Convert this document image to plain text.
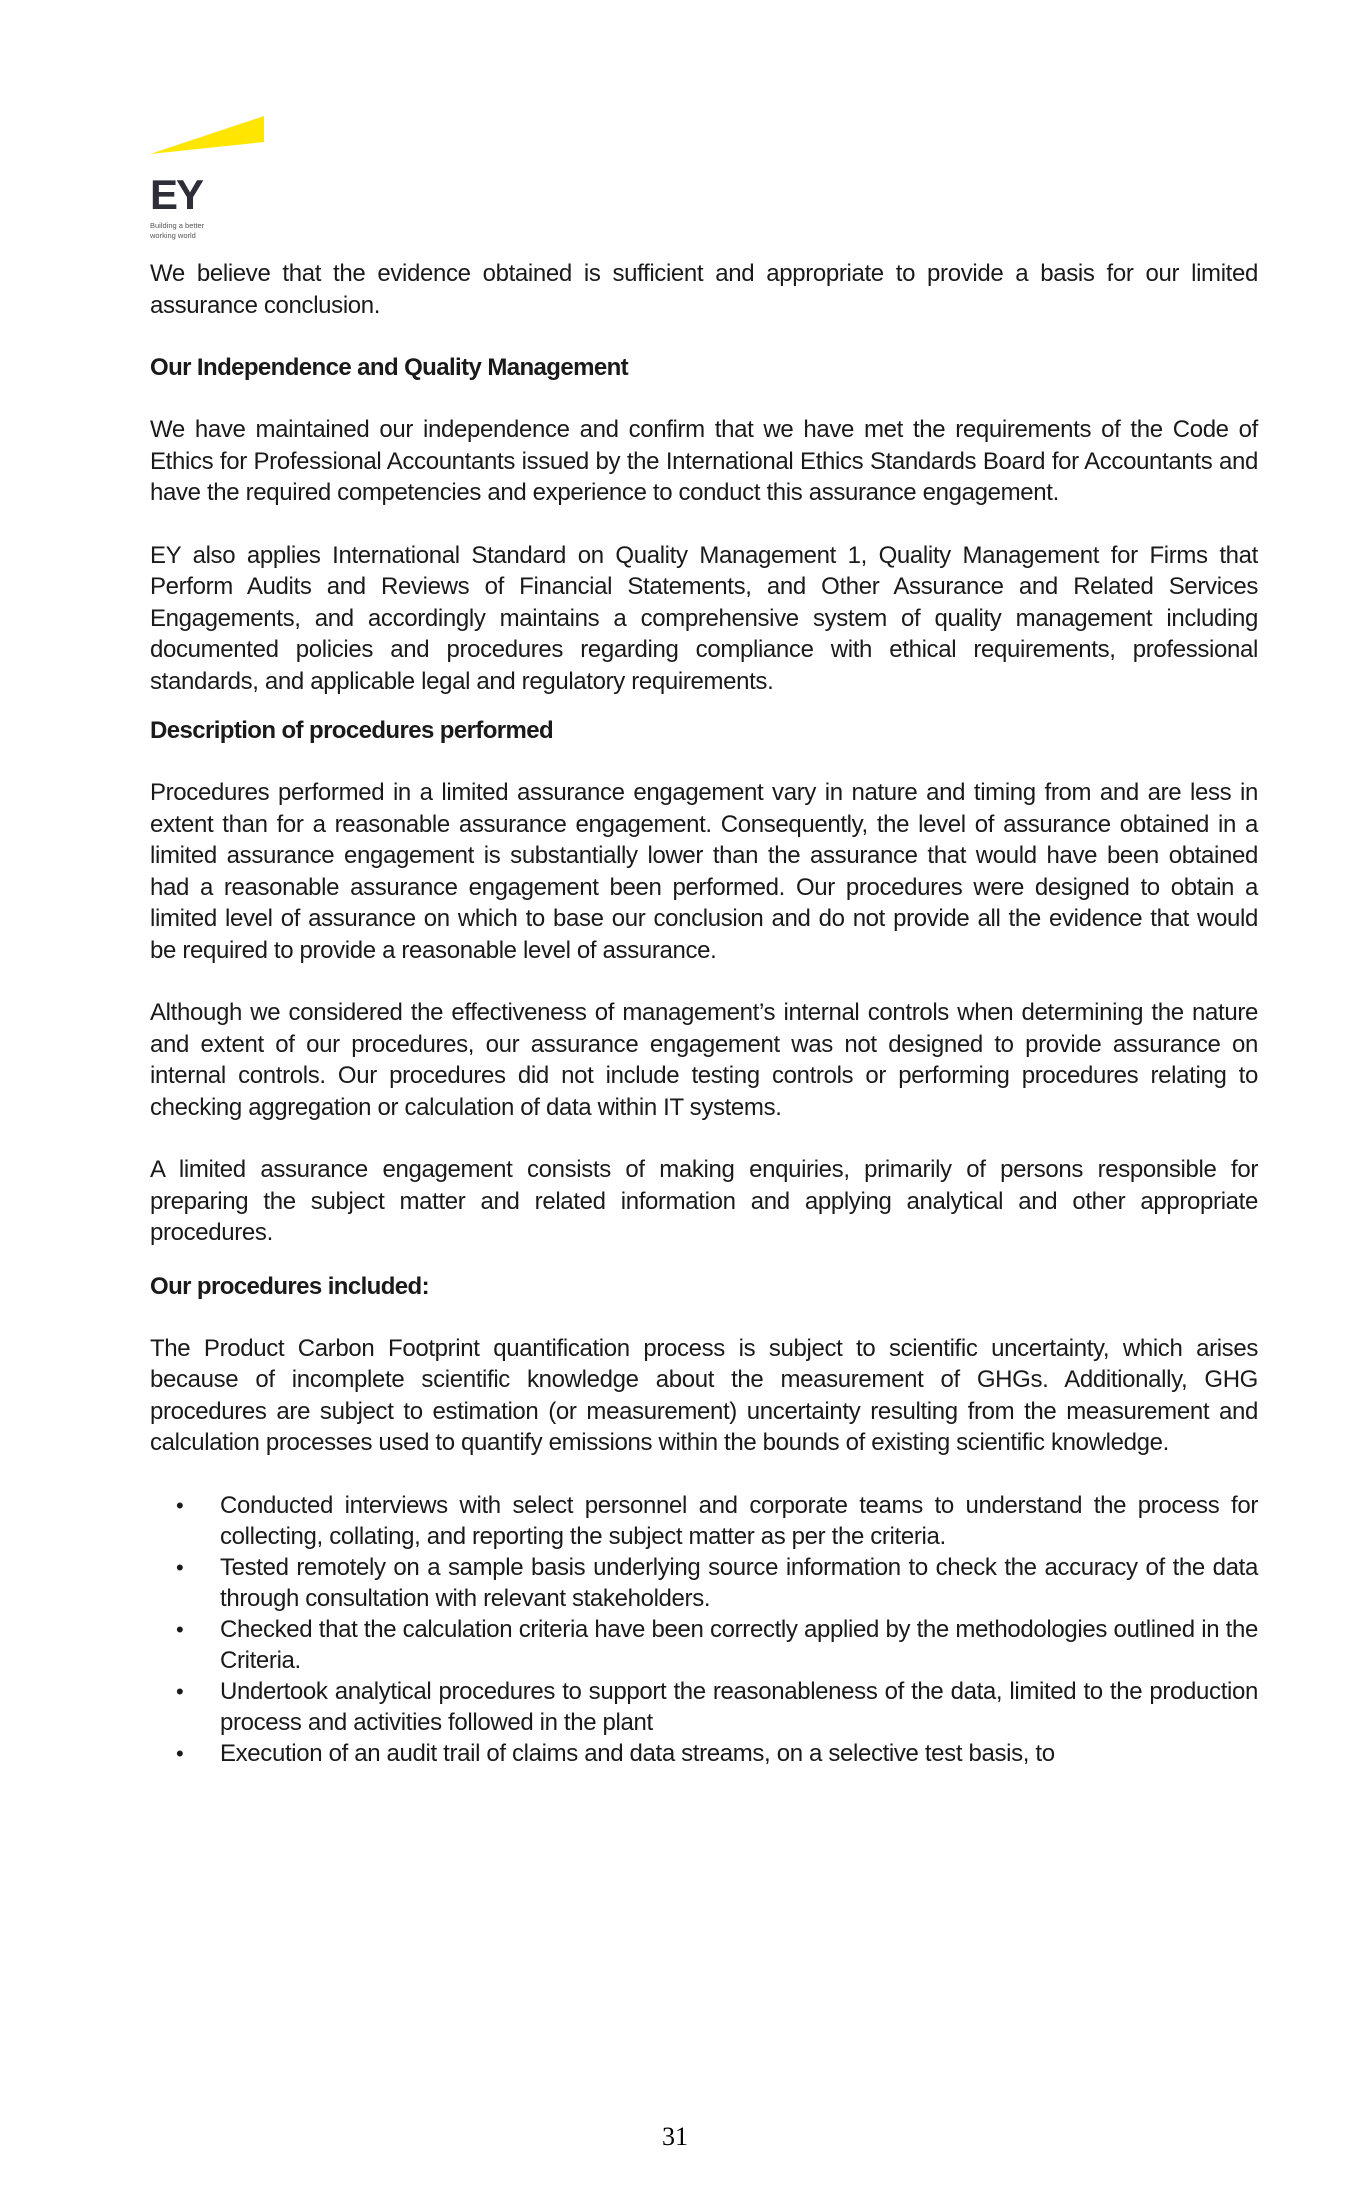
EY
Building a better
working world

We believe that the evidence obtained is sufficient and appropriate to provide a basis for our limited assurance conclusion.

Our Independence and Quality Management

We have maintained our independence and confirm that we have met the requirements of the Code of Ethics for Professional Accountants issued by the International Ethics Standards Board for Accountants and have the required competencies and experience to conduct this assurance engagement.

EY also applies International Standard on Quality Management 1, Quality Management for Firms that Perform Audits and Reviews of Financial Statements, and Other Assurance and Related Services Engagements, and accordingly maintains a comprehensive system of quality management including documented policies and procedures regarding compliance with ethical requirements, professional standards, and applicable legal and regulatory requirements.

Description of procedures performed

Procedures performed in a limited assurance engagement vary in nature and timing from and are less in extent than for a reasonable assurance engagement. Consequently, the level of assurance obtained in a limited assurance engagement is substantially lower than the assurance that would have been obtained had a reasonable assurance engagement been performed. Our procedures were designed to obtain a limited level of assurance on which to base our conclusion and do not provide all the evidence that would be required to provide a reasonable level of assurance.

Although we considered the effectiveness of management’s internal controls when determining the nature and extent of our procedures, our assurance engagement was not designed to provide assurance on internal controls. Our procedures did not include testing controls or performing procedures relating to checking aggregation or calculation of data within IT systems.

A limited assurance engagement consists of making enquiries, primarily of persons responsible for preparing the subject matter and related information and applying analytical and other appropriate procedures.

Our procedures included:

The Product Carbon Footprint quantification process is subject to scientific uncertainty, which arises because of incomplete scientific knowledge about the measurement of GHGs. Additionally, GHG procedures are subject to estimation (or measurement) uncertainty resulting from the measurement and calculation processes used to quantify emissions within the bounds of existing scientific knowledge.

• Conducted interviews with select personnel and corporate teams to understand the process for collecting, collating, and reporting the subject matter as per the criteria.
• Tested remotely on a sample basis underlying source information to check the accuracy of the data through consultation with relevant stakeholders.
• Checked that the calculation criteria have been correctly applied by the methodologies outlined in the Criteria.
• Undertook analytical procedures to support the reasonableness of the data, limited to the production process and activities followed in the plant
• Execution of an audit trail of claims and data streams, on a selective test basis, to
31
